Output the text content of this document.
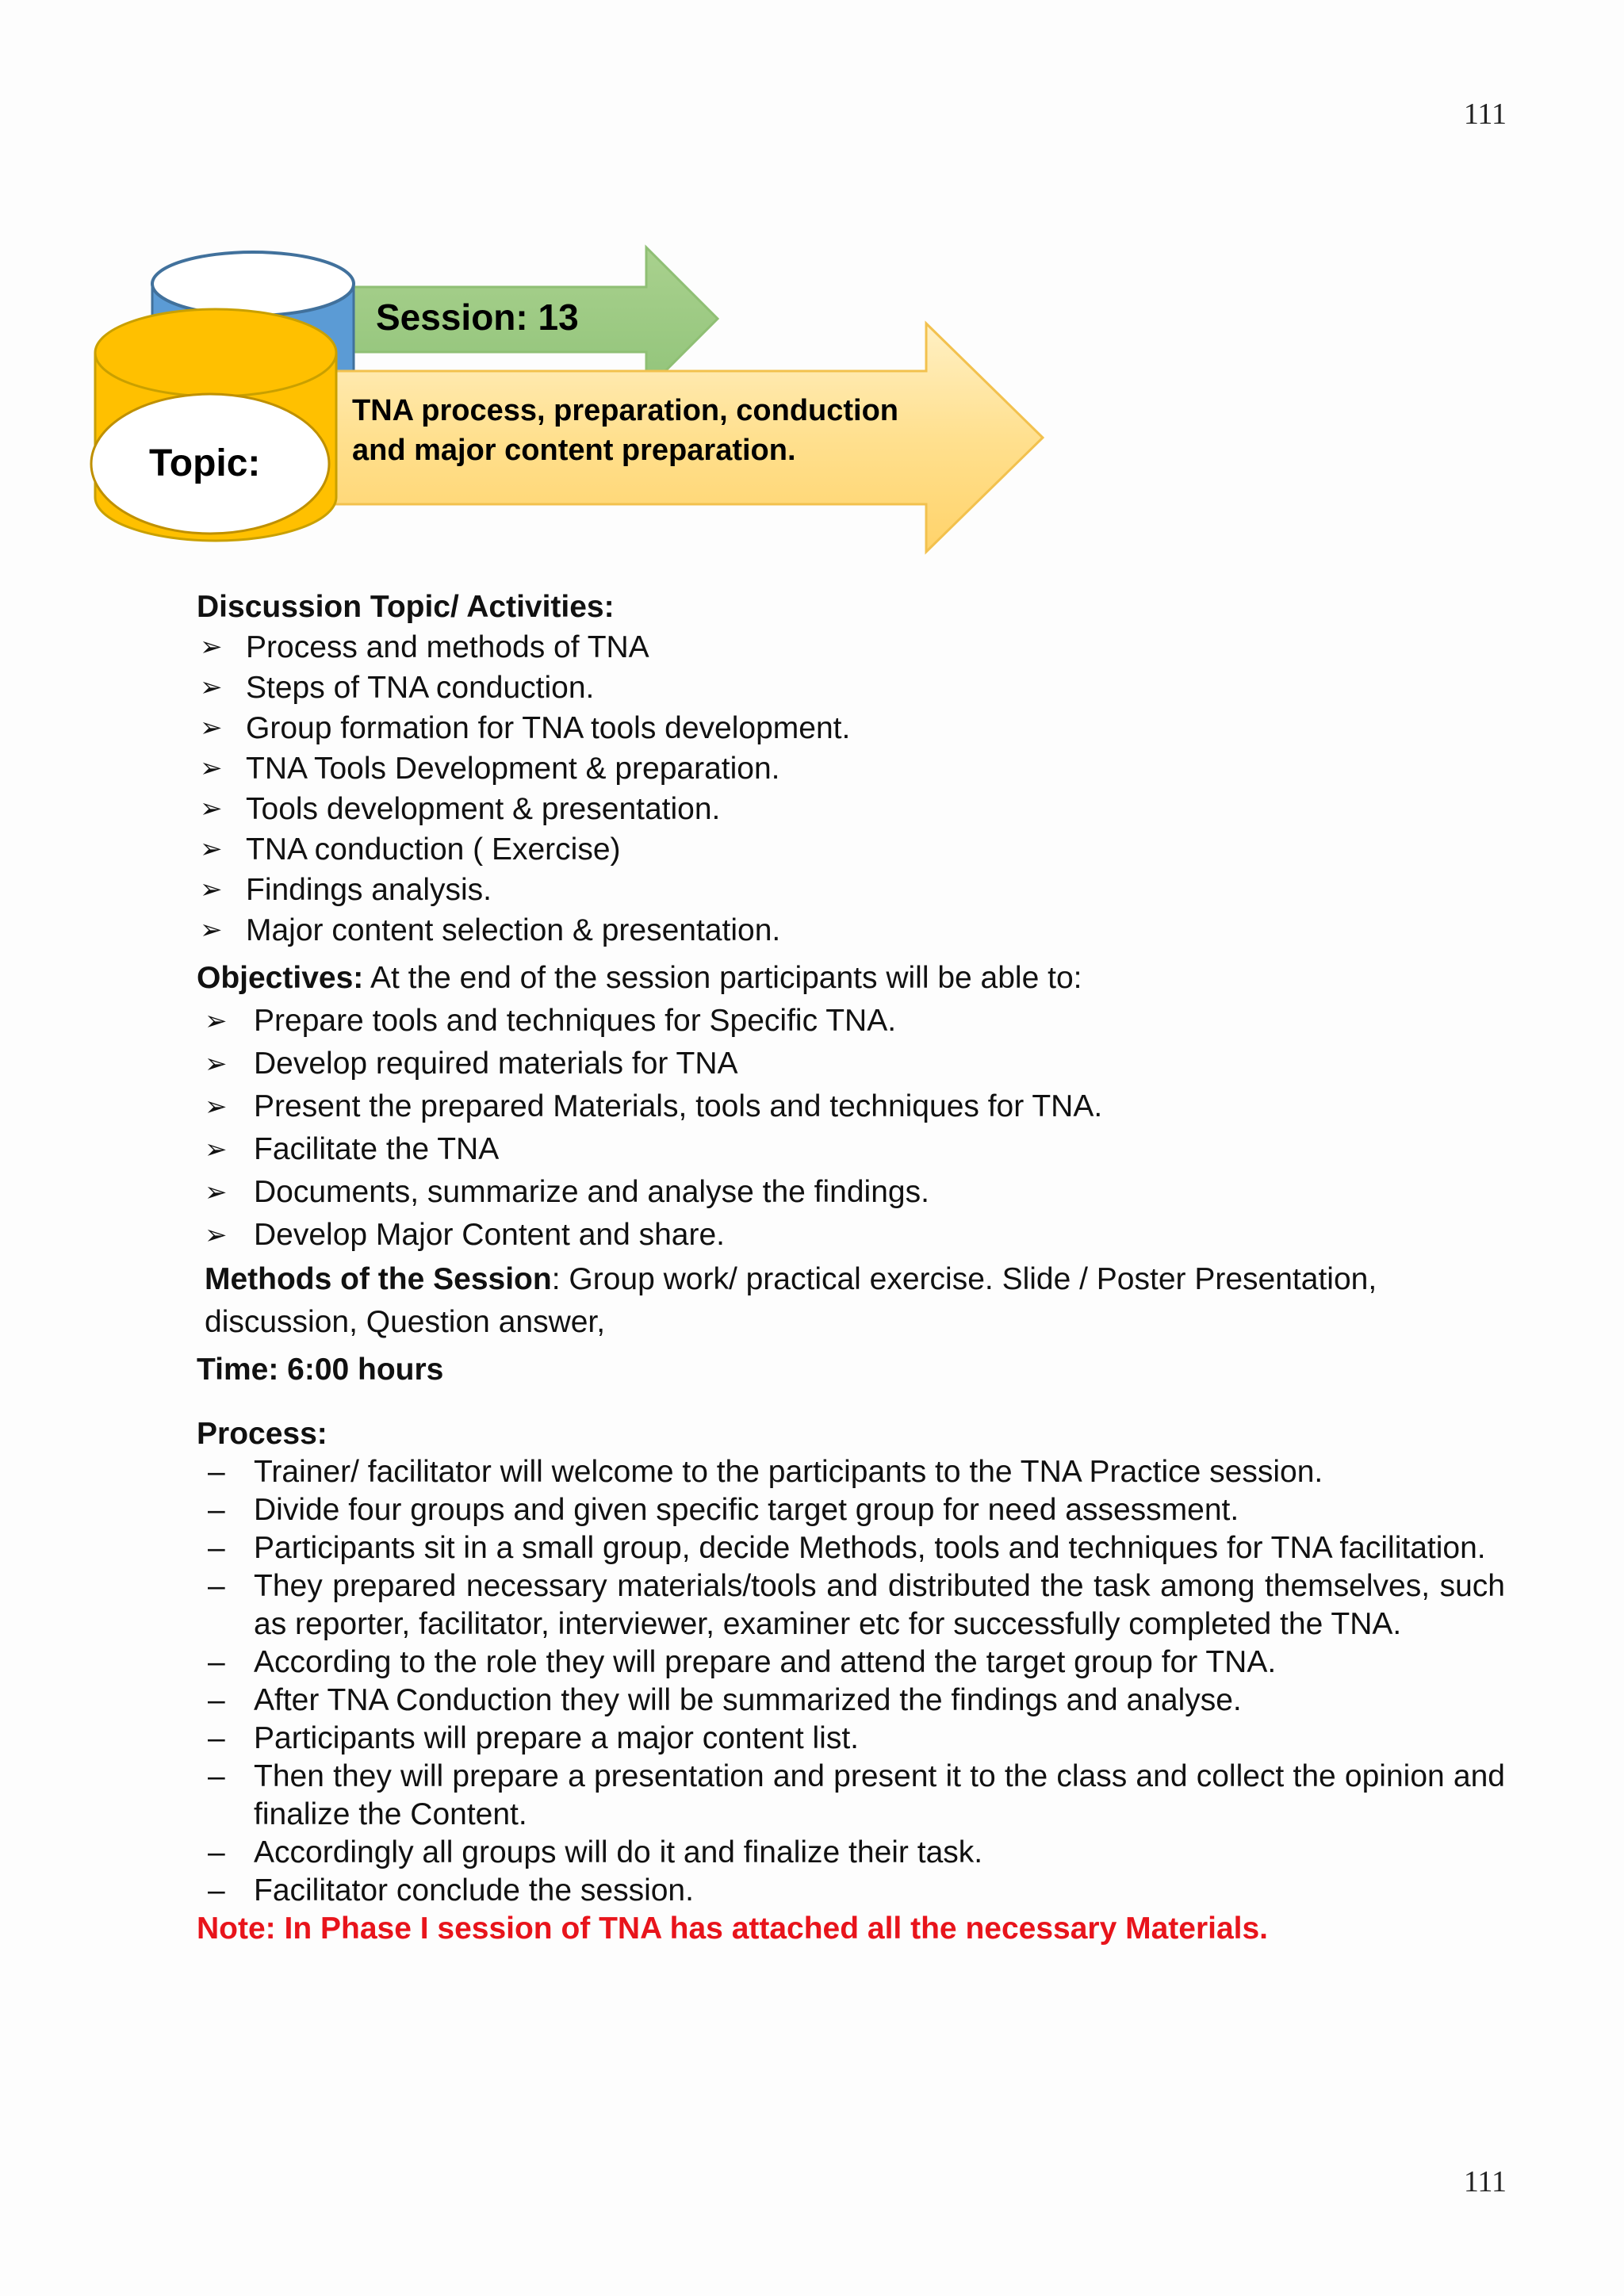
111
Session: 13
Topic:
TNA process, preparation, conduction
and major content preparation.
Discussion Topic/ Activities:
➢ Process and methods of TNA
➢ Steps of TNA conduction.
➢ Group formation for TNA tools development.
➢ TNA Tools Development & preparation.
➢ Tools development & presentation.
➢ TNA conduction ( Exercise)
➢ Findings analysis.
➢ Major content selection & presentation.
Objectives: At the end of the session participants will be able to:
➢ Prepare tools and techniques for Specific TNA.
➢ Develop required materials for TNA
➢ Present the prepared Materials, tools and techniques for TNA.
➢ Facilitate the TNA
➢ Documents, summarize and analyse the findings.
➢ Develop Major Content and share.
Methods of the Session: Group work/ practical exercise. Slide / Poster Presentation, discussion, Question answer,
Time: 6:00 hours
Process:
– Trainer/ facilitator will welcome to the participants to the TNA Practice session.
– Divide four groups and given specific target group for need assessment.
– Participants sit in a small group, decide Methods, tools and techniques for TNA facilitation.
– They prepared necessary materials/tools and distributed the task among themselves, such as reporter, facilitator, interviewer, examiner etc for successfully completed the TNA.
– According to the role they will prepare and attend the target group for TNA.
– After TNA Conduction they will be summarized the findings and analyse.
– Participants will prepare a major content list.
– Then they will prepare a presentation and present it to the class and collect the opinion and finalize the Content.
– Accordingly all groups will do it and finalize their task.
– Facilitator conclude the session.
Note: In Phase I session of TNA has attached all the necessary Materials.
111
